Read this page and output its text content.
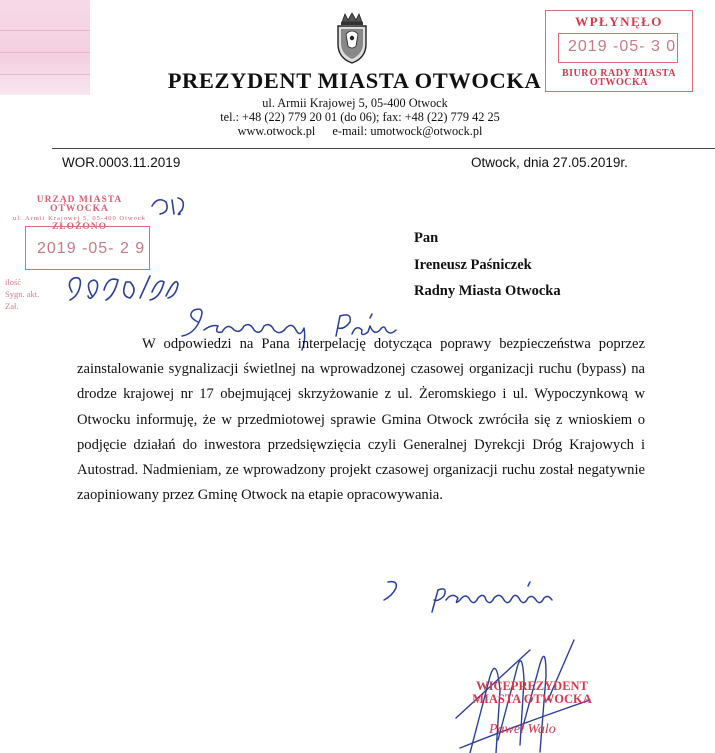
PREZYDENT MIASTA OTWOCKA
ul. Armii Krajowej 5, 05-400 Otwock
tel.: +48 (22) 779 20 01 (do 06); fax: +48 (22) 779 42 25
www.otwock.pl e-mail: umotwock@otwock.pl
WOR.0003.11.2019	Otwock, dnia 27.05.2019r.
WPŁYNĘŁO
2019 -05- 3 0
BIURO RADY MIASTA
OTWOCKA
URZĄD MIASTA OTWOCKA
ul. Armii Krajowej 5, 05-400 Otwock
ZŁOŻONO
2019 -05- 2 9
ilość
Sygn. akt.
Zał.
Pan
Ireneusz Paśniczek
Radny Miasta Otwocka

W odpowiedzi na Pana interpelację dotycząca poprawy bezpieczeństwa poprzez zainstalowanie sygnalizacji świetlnej na wprowadzonej czasowej organizacji ruchu (bypass) na drodze krajowej nr 17 obejmującej skrzyżowanie z ul. Żeromskiego i ul. Wypoczynkową w Otwocku informuję, że w przedmiotowej sprawie Gmina Otwock zwróciła się z wnioskiem o podjęcie działań do inwestora przedsięwzięcia czyli Generalnej Dyrekcji Dróg Krajowych i Autostrad. Nadmieniam, ze wprowadzony projekt czasowej organizacji ruchu został negatywnie zaopiniowany przez Gminę Otwock na etapie opracowywania.

WICEPREZYDENT
MIASTA OTWOCKA
Paweł Walo
